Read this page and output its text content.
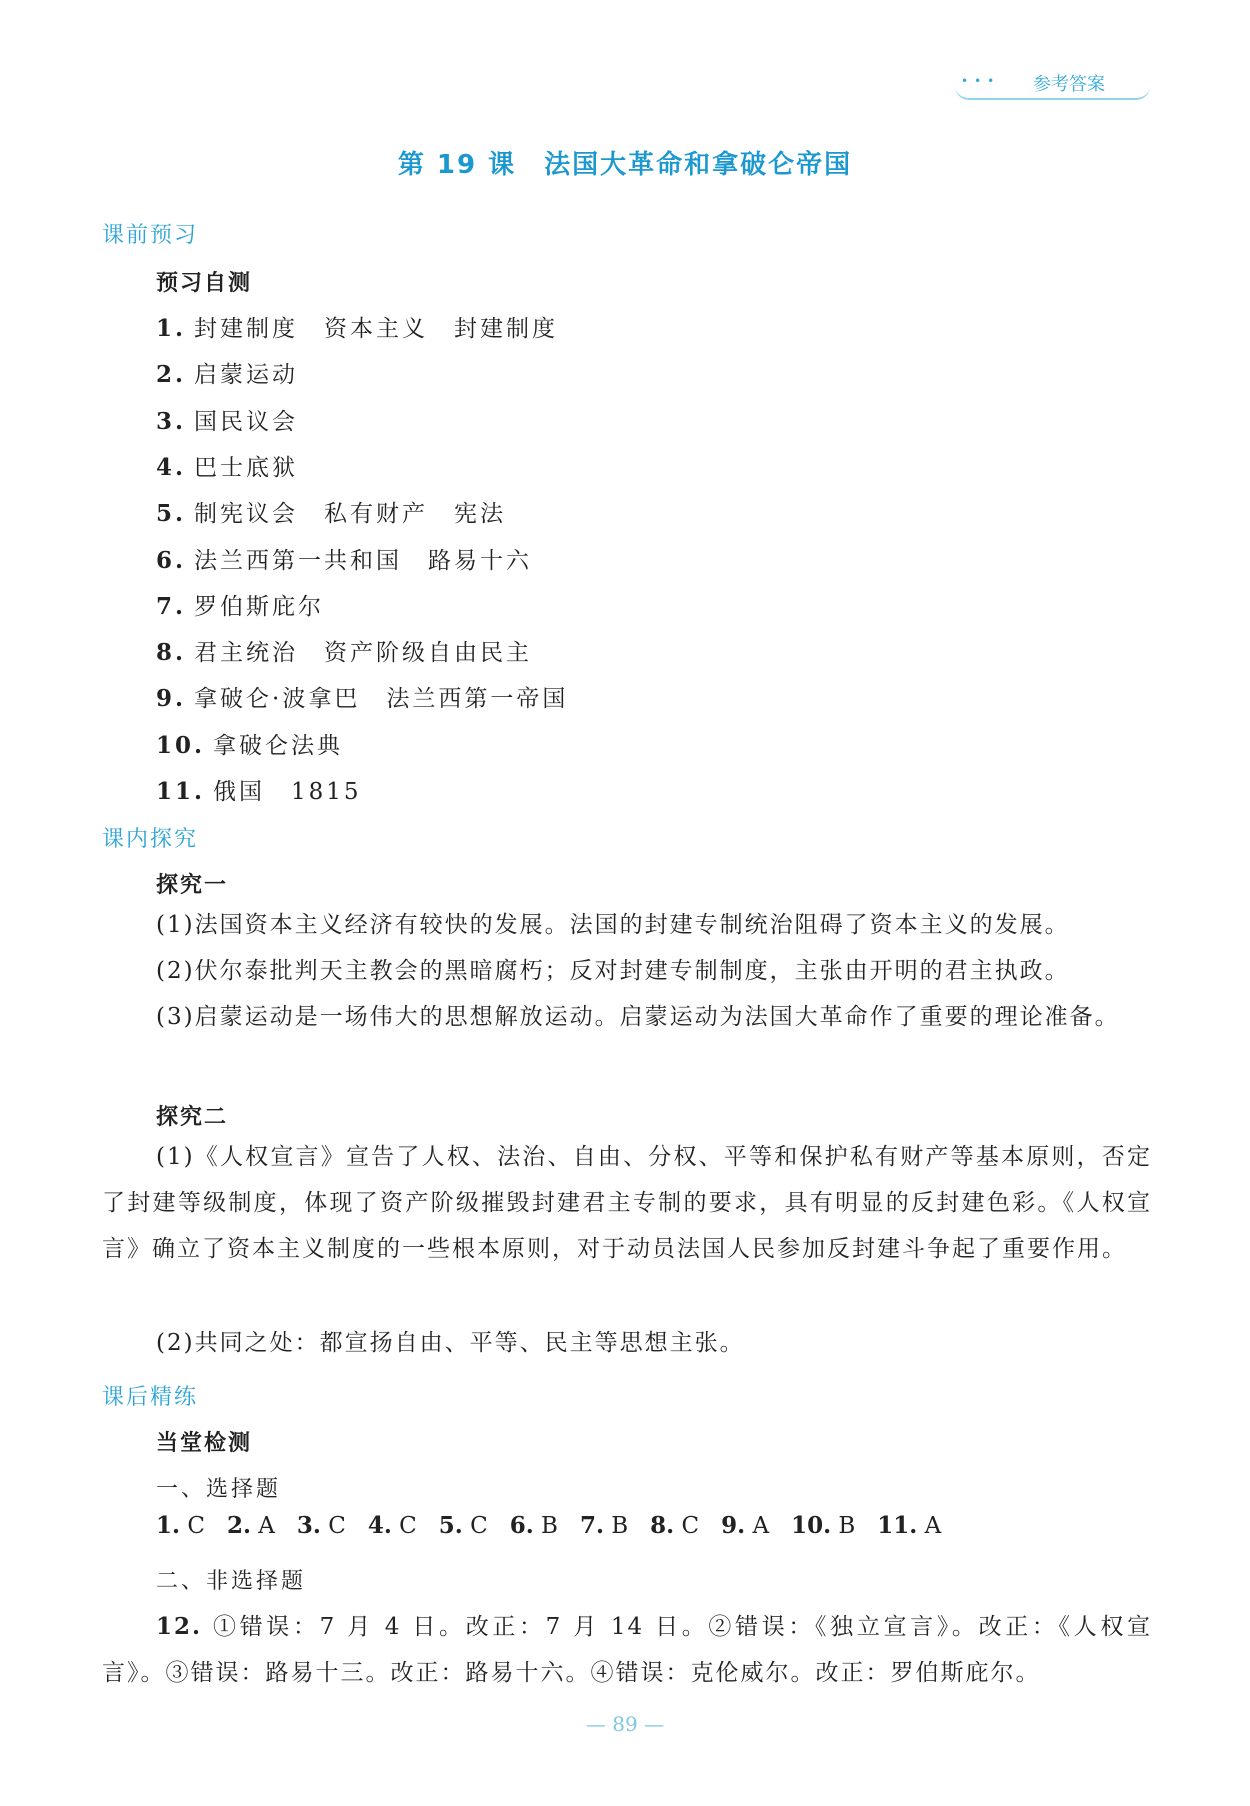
••• 参考答案
第 19 课　法国大革命和拿破仑帝国
课前预习
预习自测
1. 封建制度　资本主义　封建制度
2. 启蒙运动
3. 国民议会
4. 巴士底狱
5. 制宪议会　私有财产　宪法
6. 法兰西第一共和国　路易十六
7. 罗伯斯庇尔
8. 君主统治　资产阶级自由民主
9. 拿破仑·波拿巴　法兰西第一帝国
10. 拿破仑法典
11. 俄国　1815
课内探究
探究一
(1)法国资本主义经济有较快的发展。法国的封建专制统治阻碍了资本主义的发展。
(2)伏尔泰批判天主教会的黑暗腐朽；反对封建专制制度，主张由开明的君主执政。
(3)启蒙运动是一场伟大的思想解放运动。启蒙运动为法国大革命作了重要的理论准备。
探究二
(1)《人权宣言》宣告了人权、法治、自由、分权、平等和保护私有财产等基本原则，否定了封建等级制度，体现了资产阶级摧毁封建君主专制的要求，具有明显的反封建色彩。《人权宣言》确立了资本主义制度的一些根本原则，对于动员法国人民参加反封建斗争起了重要作用。
(2)共同之处：都宣扬自由、平等、民主等思想主张。
课后精练
当堂检测
一、选择题
1. C 2. A 3. C 4. C 5. C 6. B 7. B 8. C 9. A 10. B 11. A
二、非选择题
12. ①错误：7 月 4 日。改正：7 月 14 日。②错误：《独立宣言》。改正：《人权宣言》。③错误：路易十三。改正：路易十六。④错误：克伦威尔。改正：罗伯斯庇尔。
— 89 —
